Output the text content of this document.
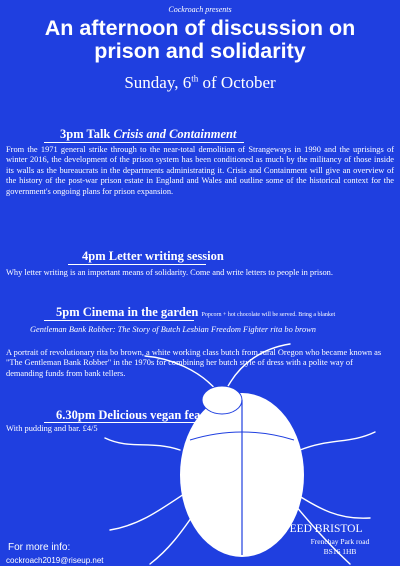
Cockroach presents
An afternoon of discussion on
prison and solidarity
Sunday, 6th of October
3pm Talk Crisis and Containment
From the 1971 general strike through to the near-total demolition of Strangeways in 1990 and the uprisings of winter 2016, the development of the prison system has been conditioned as much by the militancy of those inside its walls as the bureaucrats in the departments administrating it. Crisis and Containment will give an overview of the history of the post-war prison estate in England and Wales and outline some of the historical context for the government's ongoing plans for prison expansion.
4pm Letter writing session
Why letter writing is an important means of solidarity. Come and write letters to people in prison.
5pm Cinema in the garden Popcorn + hot chocolate will be served. Bring a blanket
Gentleman Bank Robber: The Story of Butch Lesbian Freedom Fighter rita bo brown
A portrait of revolutionary rita bo brown, a white working class butch from rural Oregon who became known as "The Gentleman Bank Robber" in the 1970s for combining her butch style of dress with a polite way of demanding funds from bank tellers.
6.30pm Delicious vegan feast
With pudding and bar. £4/5
at FEED BRISTOL
Frenchay Park road
BS16 1HB
For more info:
cockroach2019@riseup.net
